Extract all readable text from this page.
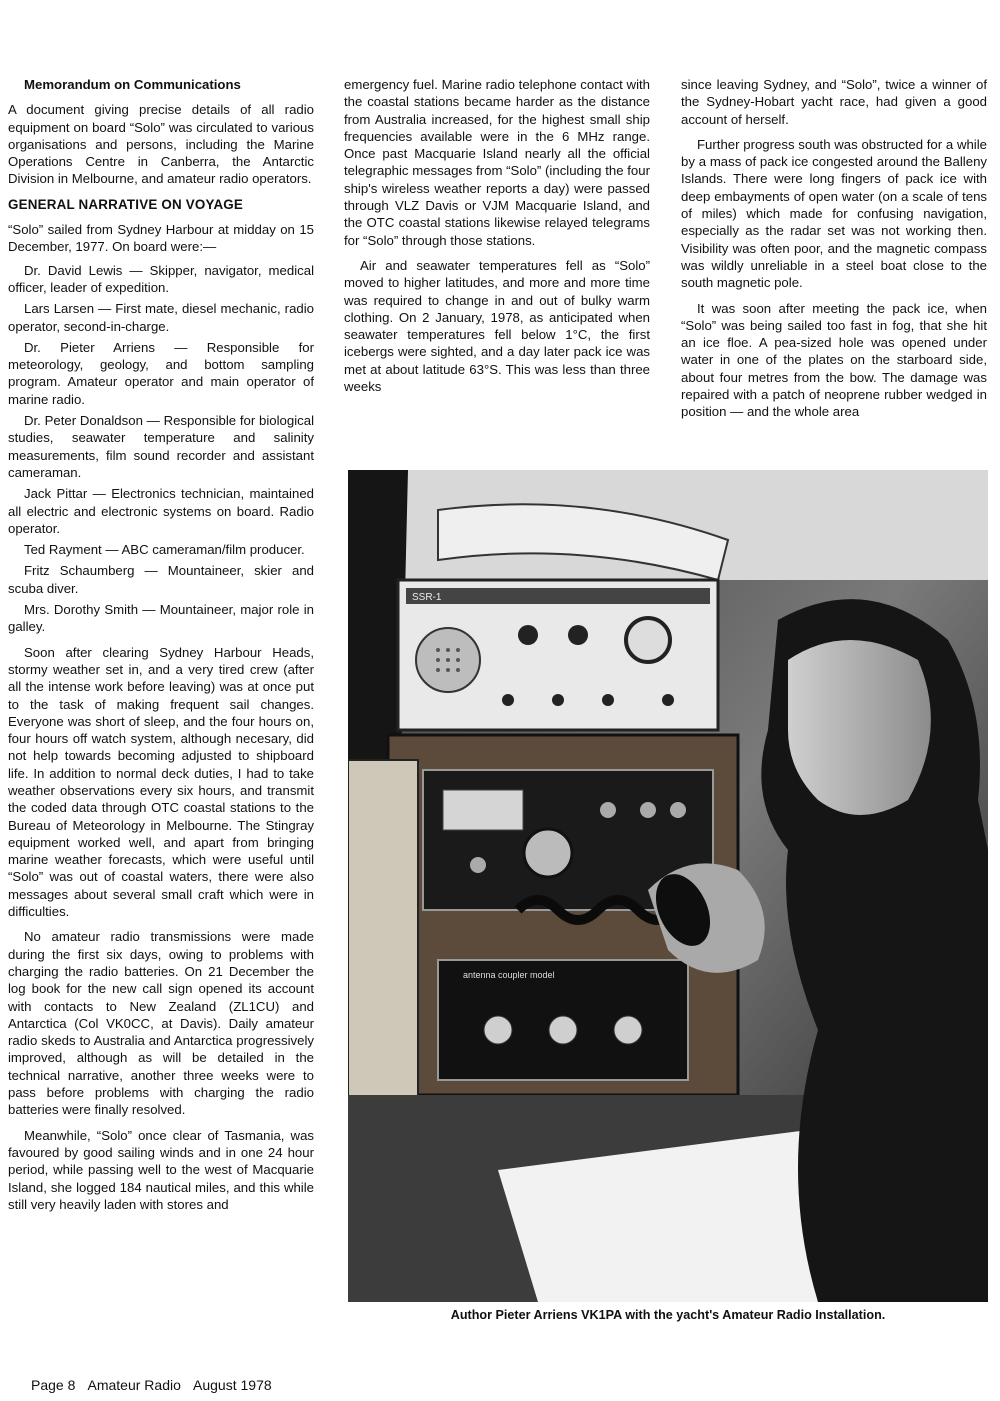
Memorandum on Communications

A document giving precise details of all radio equipment on board “Solo” was circulated to various organisations and persons, including the Marine Operations Centre in Canberra, the Antarctic Division in Melbourne, and amateur radio operators.

GENERAL NARRATIVE ON VOYAGE

“Solo” sailed from Sydney Harbour at midday on 15 December, 1977. On board were:—

Dr. David Lewis — Skipper, navigator, medical officer, leader of expedition.

Lars Larsen — First mate, diesel mechanic, radio operator, second-in-charge.

Dr. Pieter Arriens — Responsible for meteorology, geology, and bottom sampling program. Amateur operator and main operator of marine radio.

Dr. Peter Donaldson — Responsible for biological studies, seawater temperature and salinity measurements, film sound recorder and assistant cameraman.

Jack Pittar — Electronics technician, maintained all electric and electronic systems on board. Radio operator.

Ted Rayment — ABC cameraman/film producer.

Fritz Schaumberg — Mountaineer, skier and scuba diver.

Mrs. Dorothy Smith — Mountaineer, major role in galley.

Soon after clearing Sydney Harbour Heads, stormy weather set in, and a very tired crew (after all the intense work before leaving) was at once put to the task of making frequent sail changes. Everyone was short of sleep, and the four hours on, four hours off watch system, although necesary, did not help towards becoming adjusted to shipboard life. In addition to normal deck duties, I had to take weather observations every six hours, and transmit the coded data through OTC coastal stations to the Bureau of Meteorology in Melbourne. The Stingray equipment worked well, and apart from bringing marine weather forecasts, which were useful until “Solo” was out of coastal waters, there were also messages about several small craft which were in difficulties.

No amateur radio transmissions were made during the first six days, owing to problems with charging the radio batteries. On 21 December the log book for the new call sign opened its account with contacts to New Zealand (ZL1CU) and Antarctica (Col VK0CC, at Davis). Daily amateur radio skeds to Australia and Antarctica progressively improved, although as will be detailed in the technical narrative, another three weeks were to pass before problems with charging the radio batteries were finally resolved.

Meanwhile, “Solo” once clear of Tasmania, was favoured by good sailing winds and in one 24 hour period, while passing well to the west of Macquarie Island, she logged 184 nautical miles, and this while still very heavily laden with stores and

emergency fuel. Marine radio telephone contact with the coastal stations became harder as the distance from Australia increased, for the highest small ship frequencies available were in the 6 MHz range. Once past Macquarie Island nearly all the official telegraphic messages from “Solo” (including the four ship's wireless weather reports a day) were passed through VLZ Davis or VJM Macquarie Island, and the OTC coastal stations likewise relayed telegrams for “Solo” through those stations.

Air and seawater temperatures fell as “Solo” moved to higher latitudes, and more and more time was required to change in and out of bulky warm clothing. On 2 January, 1978, as anticipated when seawater temperatures fell below 1°C, the first icebergs were sighted, and a day later pack ice was met at about latitude 63°S. This was less than three weeks

since leaving Sydney, and “Solo”, twice a winner of the Sydney-Hobart yacht race, had given a good account of herself.

Further progress south was obstructed for a while by a mass of pack ice congested around the Balleny Islands. There were long fingers of pack ice with deep embayments of open water (on a scale of tens of miles) which made for confusing navigation, especially as the radar set was not working then. Visibility was often poor, and the magnetic compass was wildly unreliable in a steel boat close to the south magnetic pole.

It was soon after meeting the pack ice, when “Solo” was being sailed too fast in fog, that she hit an ice floe. A pea-sized hole was opened under water in one of the plates on the starboard side, about four metres from the bow. The damage was repaired with a patch of neoprene rubber wedged in position — and the whole area

SSR-1
antenna coupler model
Author Pieter Arriens VK1PA with the yacht's Amateur Radio Installation.
Page 8 Amateur Radio August 1978
